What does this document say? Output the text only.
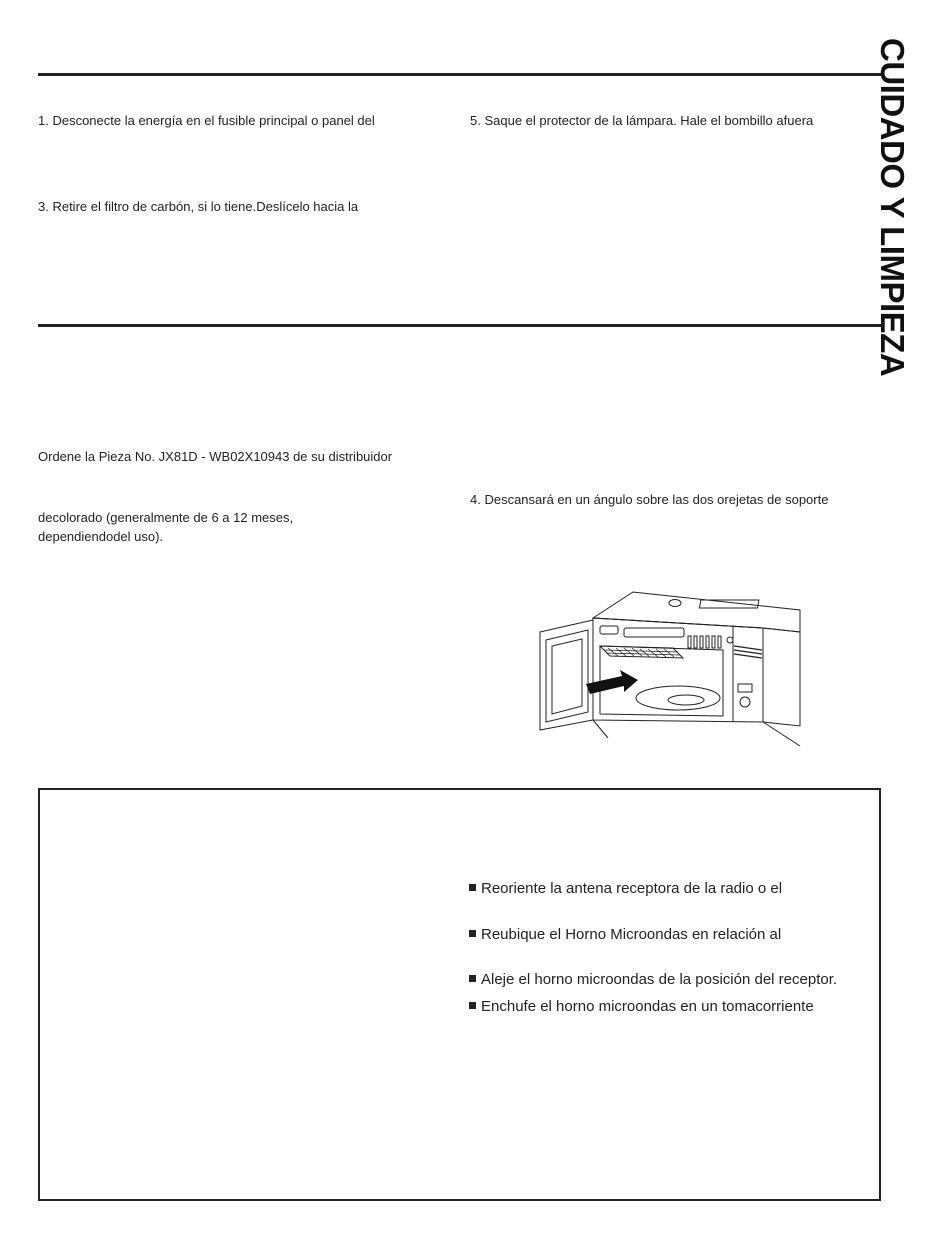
1. Desconecte la energía en el fusible principal o panel del
3. Retire el filtro de carbón, si lo tiene.Deslícelo hacia la
5. Saque el protector de la lámpara. Hale el bombillo afuera CUIDADO Y LIMPIEZA
Ordene la Pieza No. JX81D - WB02X10943 de su distribuidor
decolorado (generalmente de 6 a 12 meses,
dependiendodel uso).
4. Descansará en un ángulo sobre las dos orejetas de soporte
Reoriente la antena receptora de la radio o el
Reubique el Horno Microondas en relación al
Aleje el horno microondas de la posición del receptor.
Enchufe el horno microondas en un tomacorriente
